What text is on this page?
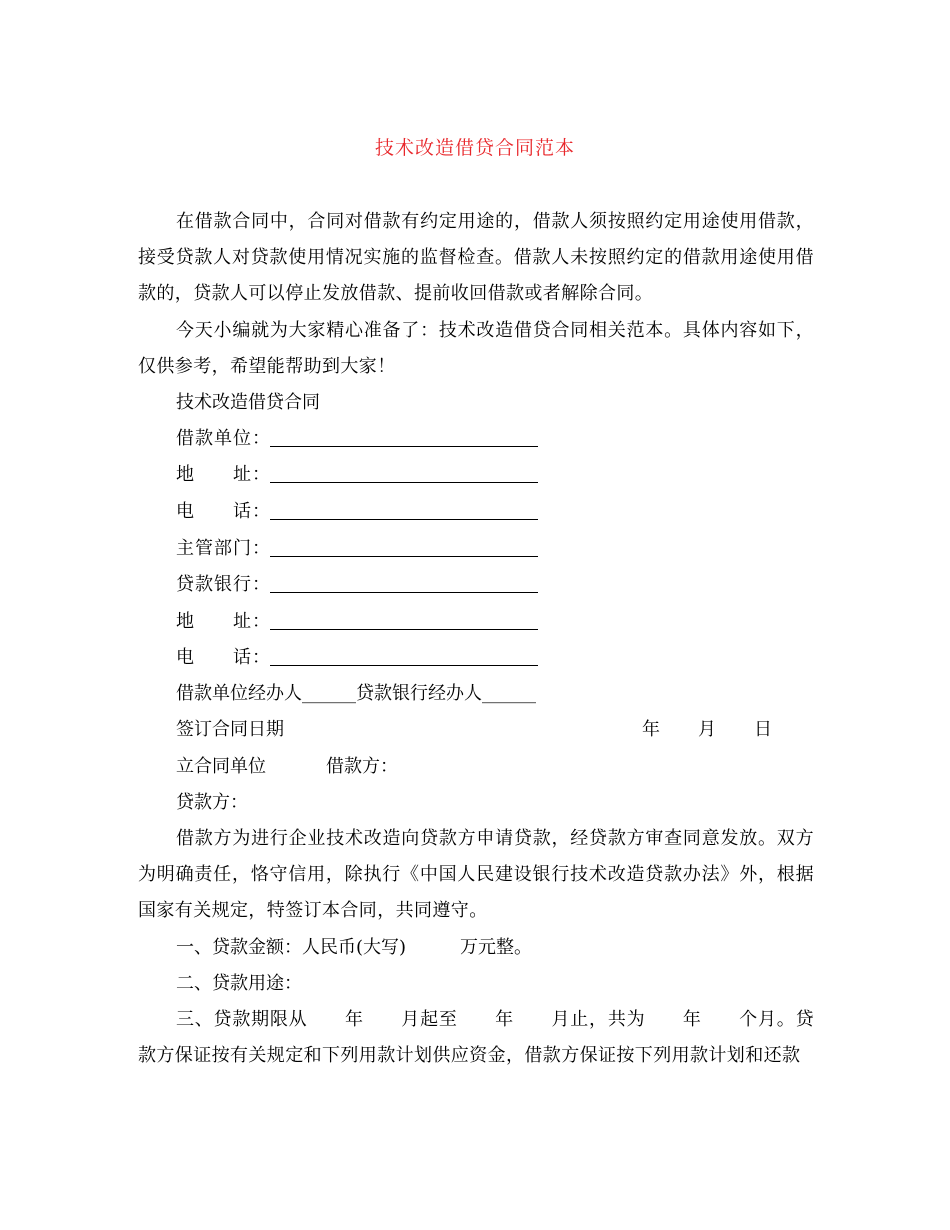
技术改造借贷合同范本
在借款合同中，合同对借款有约定用途的，借款人须按照约定用途使用借款，接受贷款人对贷款使用情况实施的监督检查。借款人未按照约定的借款用途使用借款的，贷款人可以停止发放借款、提前收回借款或者解除合同。
今天小编就为大家精心准备了：技术改造借贷合同相关范本。具体内容如下，仅供参考，希望能帮助到大家！
技术改造借贷合同
借款单位：
地　　址：
电　　话：
主管部门：
贷款银行：
地　　址：
电　　话：
借款单位经办人______贷款银行经办人______
签订合同日期	年 月 日
立合同单位	借款方：
贷款方：
借款方为进行企业技术改造向贷款方申请贷款，经贷款方审查同意发放。双方为明确责任，恪守信用，除执行《中国人民建设银行技术改造贷款办法》外，根据国家有关规定，特签订本合同，共同遵守。
一、贷款金额：人民币(大写)　　　万元整。
二、贷款用途：
三、贷款期限从　　年　　月起至　　年　　月止，共为　　年　　个月。贷款方保证按有关规定和下列用款计划供应资金，借款方保证按下列用款计划和还款
